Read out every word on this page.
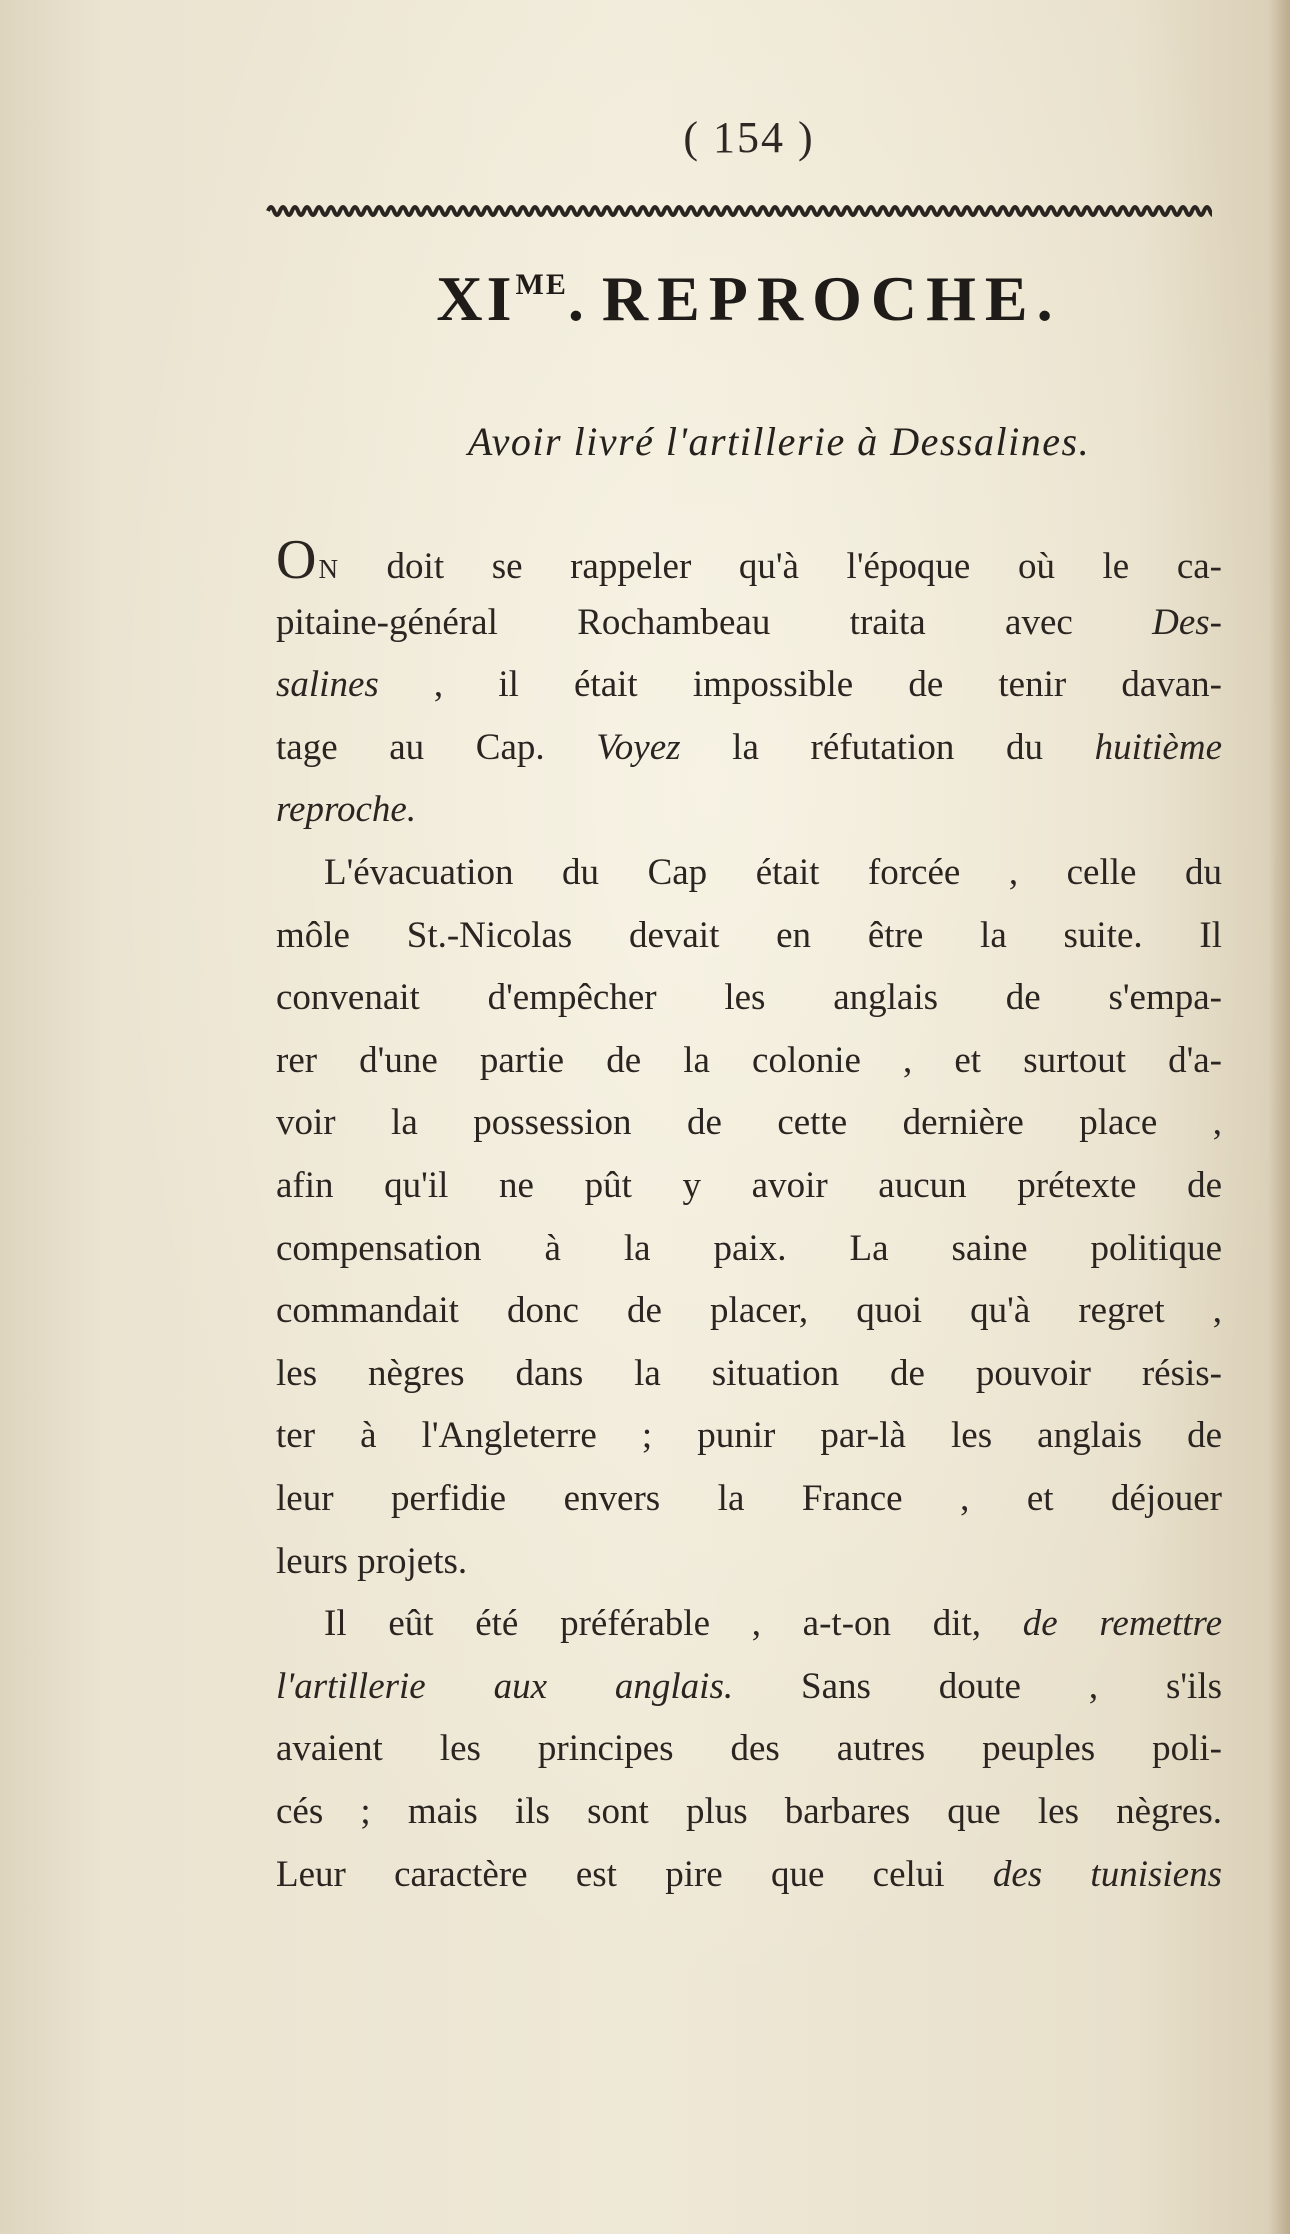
( 154 )
$XI^{ME}$. REPROCHE.
Avoir livré l'artillerie à Dessalines.
ON doit se rappeler qu'à l'époque où le ca-
pitaine-général Rochambeau traita avec Des-
salines , il était impossible de tenir davan-
tage au Cap. Voyez la réfutation du huitième
reproche.
L'évacuation du Cap était forcée , celle du
môle St.-Nicolas devait en être la suite. Il
convenait d'empêcher les anglais de s'empa-
rer d'une partie de la colonie , et surtout d'a-
voir la possession de cette dernière place ,
afin qu'il ne pût y avoir aucun prétexte de
compensation à la paix. La saine politique
commandait donc de placer, quoi qu'à regret ,
les nègres dans la situation de pouvoir résis-
ter à l'Angleterre ; punir par-là les anglais de
leur perfidie envers la France , et déjouer
leurs projets.
Il eût été préférable , a-t-on dit, de remettre
l'artillerie aux anglais. Sans doute , s'ils
avaient les principes des autres peuples poli-
cés ; mais ils sont plus barbares que les nègres.
Leur caractère est pire que celui des tunisiens
